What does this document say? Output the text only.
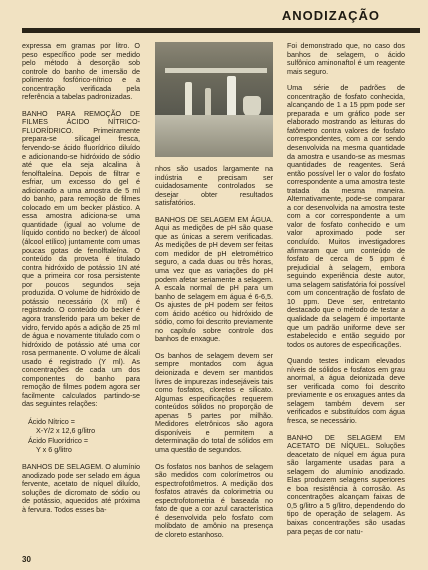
ANODIZAÇÃO

expressa em gramas por litro. O peso específico pode ser medido pelo método à desorção sob controle do banho de imersão de polimento fosfórico-nítrico e a concentração verificada pela referência a tabelas padronizadas.

BANHO PARA REMOÇÃO DE FILMES ÁCIDO NÍTRICO-FLUORÍDRICO.	Primeiramente prepara-se silicagel fresca, fervendo-se ácido fluorídrico diluído e adicionando-se hidróxido de sódio até que ela seja alcalina à fenolftaleína. Depois de filtrar e esfriar, um excesso do gel é adicionado a uma amostra de 5 ml do banho, para remoção de filmes colocado em um becker plástico. A essa amostra adiciona-se uma quantidade (igual ao volume de líquido contido no becker) de álcool (álcool etílico) juntamente com umas poucas gotas de fenolftaleína. O conteúdo da proveta é titulado contra hidróxido de potássio 1N até que a primeira cor rosa persistente por poucos segundos seja produzida. O volume de hidróxido de potássio necessário (X ml) é registrado. O conteúdo do becker é agora transferido para um beker de vidro, fervido após a adição de 25 ml de água e novamente titulado com o hidróxido de potássio até uma cor rosa permanente. O volume de álcali usado é registrado (Y ml). As concentrações de cada um dos componentes do banho para remoção de filmes podem agora ser facilmente calculados partindo-se das seguintes relações:

Ácido Nítrico =
X-Y/2 x 12,6 g/litro
Ácido Fluorídrico =
Y x 6 g/litro

BANHOS DE SELAGEM. O alumínio anodizado pode ser selado em água fervente, acetato de níquel diluído, soluções de dicromato de sódio ou de potássio, aquecidos até próxima à fervura. Todos esses ba-

nhos são usados largamente na indústria e precisam ser cuidadosamente controlados se desejar obter resultados satisfatórios.

BANHOS DE SELAGEM EM ÁGUA. Aqui as medições de pH são quase que as únicas a serem verificadas. As medições de pH devem ser feitas com medidor de pH eletrométrico seguro, a cada duas ou três horas, uma vez que as variações do pH podem afetar seriamente a selagem. A escala normal de pH para um banho de selagem em água é 6-6,5. Os ajustes de pH podem ser feitos com ácido acético ou hidróxido de sódio, como foi descrito previamente no capítulo sobre controle dos banhos de enxague.

Os banhos de selagem devem ser sempre montados com água deionizada e devem ser mantidos livres de impurezas indesejáveis tais como fosfatos, cloretos e silicato. Algumas especificações requerem conteúdos sólidos no proporção de apenas 5 partes por milhão. Medidores eletrônicos são agora disponíveis e permitem a determinação do total de sólidos em uma questão de segundos.

Os fosfatos nos banhos de selagem são medidos com colorímetros ou espectrofotômetros. A medição dos fosfatos através da colorimetria ou espectrofotometria é baseada no fato de que a cor azul característica é desenvolvida pelo fosfato com molibdato de amônio na presença de cloreto estanhoso.

Foi demonstrado que, no caso dos banhos de selagem, o ácido sulfônico aminonaftol é um reagente mais seguro.

Uma série de padrões de concentração de fosfato conhecida, alcançando de 1 a 15 ppm pode ser preparada e um gráfico pode ser elaborado mostrando as leituras do fatômetro contra valores de fosfato correspondentes, com a cor sendo desenvolvida na mesma quantidade da amostra e usando-se as mesmas quantidades de reagentes. Será então possível ler o valor do fosfato correspondente a uma amostra teste tratada da mesma maneira. Alternativamente, pode-se comparar a cor desenvolvida na amostra teste com a cor correspondente a um valor de fosfato conhecido e um valor aproximado pode ser concluído. Muitos investigadores afirmaram que um conteúdo de fosfato de cerca de 5 ppm é prejudicial à selagem, embora seguindo experiência deste autor, uma selagem satisfatória foi possível com um concentração de fosfato de 10 ppm. Deve ser, entretanto destacado que o método de testar a qualidade da selagem é importante que um padrão uniforme deve ser estabelecido e então seguido por todos os autores de especificações.

Quando testes indicam elevados níveis de sólidos e fosfatos em grau anormal, a água deionizada deve ser verificada como foi descrito previamente e os enxagues antes da selagem também devem ser verificados e substituídos com água fresca, se necessário.

BANHO DE SELAGEM EM ACETATO DE NÍQUEL. Soluções deacetato de níquel em água pura são largamente usadas para a selagem do alumínio anodizado. Elas produzem selagens superiores e boa resistência à corrosão. As concentrações alcançam faixas de 0,5 g/litro a 5 g/litro, dependendo do tipo de operação de selagem. As baixas concentrações são usadas para peças de cor natu-

30
